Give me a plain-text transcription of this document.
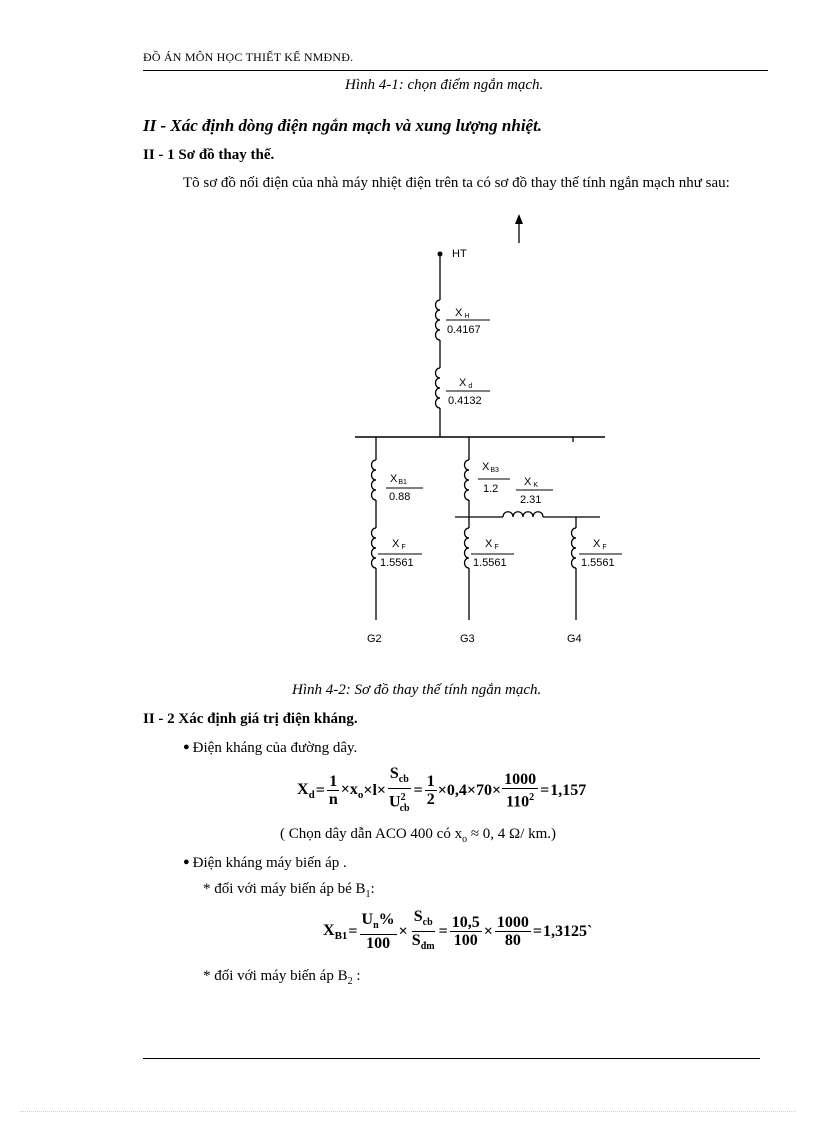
ĐỒ ÁN MÔN HỌC THIẾT KẾ NMĐNĐ.
Hình 4-1: chọn điểm ngắn mạch.
II - Xác định dòng điện ngắn mạch và xung lượng nhiệt.
II - 1 Sơ đồ thay thế.
Tõ sơ đồ nối điện của nhà máy nhiệt điện trên ta có sơ đồ thay thế tính ngắn mạch như sau:
HT
X H
0.4167
Xd
0.4132
XB1
0.88
XB3
1.2
X K
2.31
X F
1.5561
X F
1.5561
X F
1.5561
G2	G3	G4
Hình 4-2: Sơ đồ thay thế tính ngắn mạch.
II - 2 Xác định giá trị điện kháng.
● Điện kháng của đường dây.
$X_d = \frac{1}{n} \times x_o \times l\times \frac{S_{cb}}{U^2_{cb}} = \frac{1}{2} \times 0,4\times 70\times \frac{1000}{110^2} = 1,157$
( Chọn dây dẫn ACO 400 có $x_o \approx 0$, 4 Ω/ km.)
● Điện kháng máy biến áp .
* đối với máy biến áp bé $B_1$:
$X_{B1} = \frac{U_n\%}{100} \times \frac{S_{cb}}{S_{đm}} = \frac{10,5}{100} \times \frac{1000}{80}$ = 1,3125`
* đối với máy biến áp $B_2$ :
